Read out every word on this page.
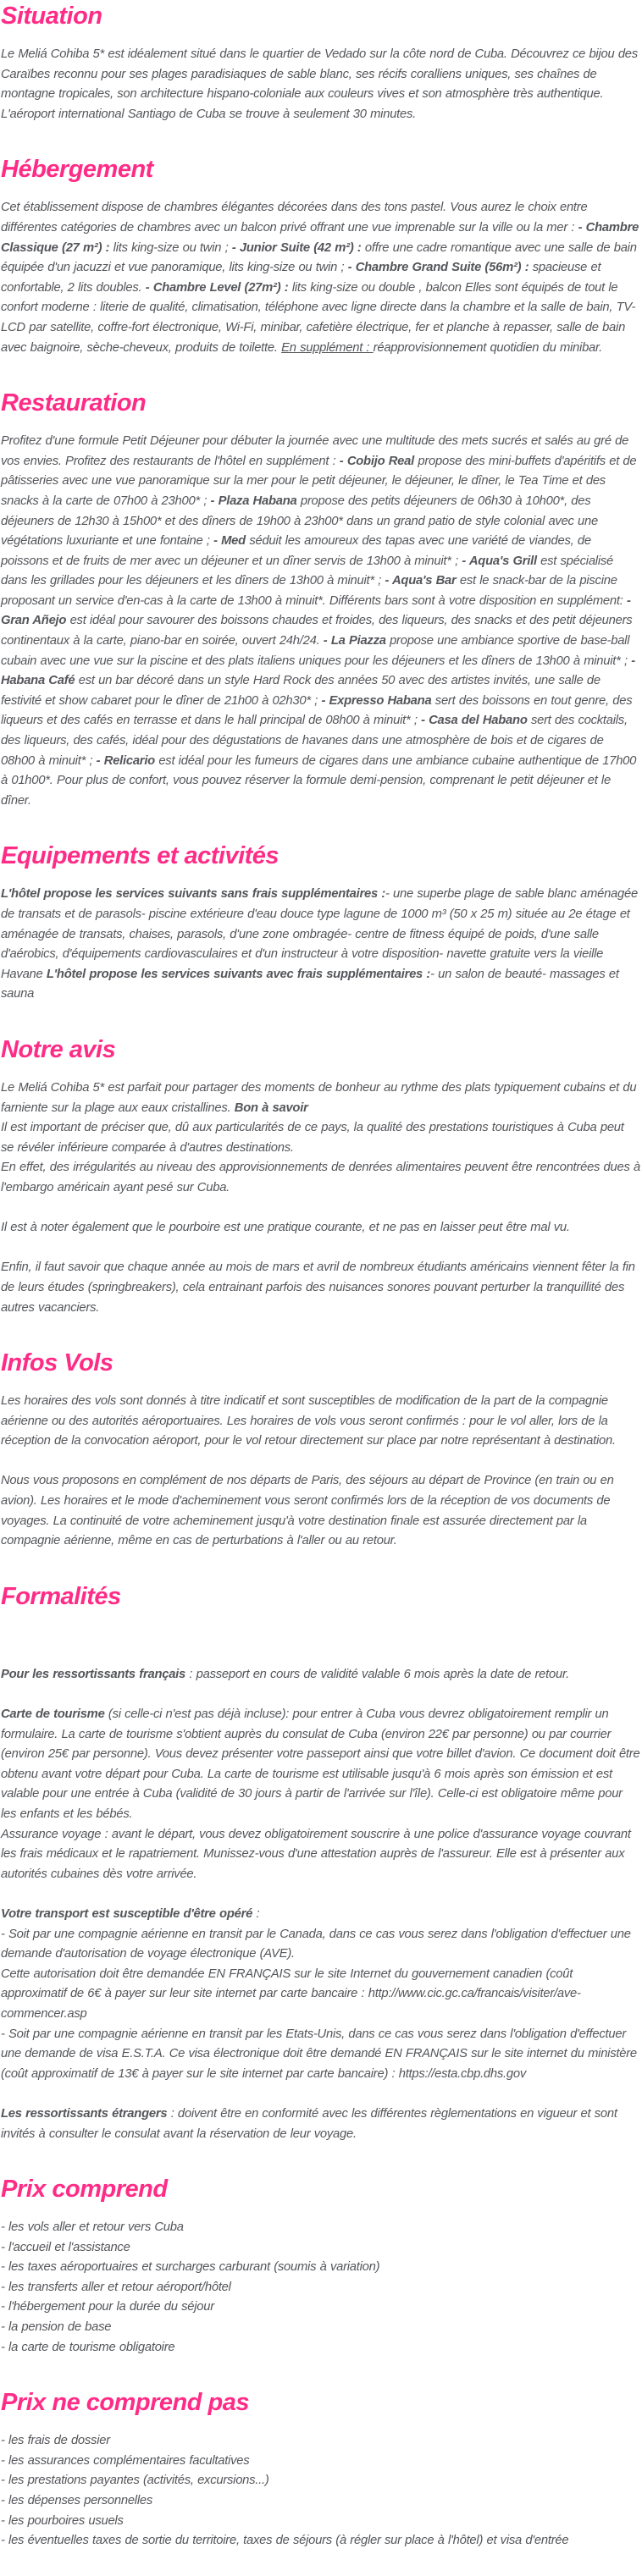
Situation

Le Meliá Cohiba 5* est idéalement situé dans le quartier de Vedado sur la côte nord de Cuba. Découvrez ce bijou des Caraïbes reconnu pour ses plages paradisiaques de sable blanc, ses récifs coralliens uniques, ses chaînes de montagne tropicales, son architecture hispano-coloniale aux couleurs vives et son atmosphère très authentique. L'aéroport international Santiago de Cuba se trouve à seulement 30 minutes.

Hébergement

Cet établissement dispose de chambres élégantes décorées dans des tons pastel. Vous aurez le choix entre différentes catégories de chambres avec un balcon privé offrant une vue imprenable sur la ville ou la mer : - Chambre Classique (27 m²) : lits king-size ou twin ; - Junior Suite (42 m²) : offre une cadre romantique avec une salle de bain équipée d'un jacuzzi et vue panoramique, lits king-size ou twin ; - Chambre Grand Suite (56m²) : spacieuse et confortable, 2 lits doubles. - Chambre Level (27m²) : lits king-size ou double , balcon Elles sont équipés de tout le confort moderne : literie de qualité, climatisation, téléphone avec ligne directe dans la chambre et la salle de bain, TV-LCD par satellite, coffre-fort électronique, Wi-Fi, minibar, cafetière électrique, fer et planche à repasser, salle de bain avec baignoire, sèche-cheveux, produits de toilette. En supplément : réapprovisionnement quotidien du minibar.

Restauration

Profitez d'une formule Petit Déjeuner pour débuter la journée avec une multitude des mets sucrés et salés au gré de vos envies. Profitez des restaurants de l'hôtel en supplément : - Cobijo Real propose des mini-buffets d'apéritifs et de pâtisseries avec une vue panoramique sur la mer pour le petit déjeuner, le déjeuner, le dîner, le Tea Time et des snacks à la carte de 07h00 à 23h00* ; - Plaza Habana propose des petits déjeuners de 06h30 à 10h00*, des déjeuners de 12h30 à 15h00* et des dîners de 19h00 à 23h00* dans un grand patio de style colonial avec une végétations luxuriante et une fontaine ; - Med séduit les amoureux des tapas avec une variété de viandes, de poissons et de fruits de mer avec un déjeuner et un dîner servis de 13h00 à minuit* ; - Aqua's Grill est spécialisé dans les grillades pour les déjeuners et les dîners de 13h00 à minuit* ; - Aqua's Bar est le snack-bar de la piscine proposant un service d'en-cas à la carte de 13h00 à minuit*. Différents bars sont à votre disposition en supplément: - Gran Añejo est idéal pour savourer des boissons chaudes et froides, des liqueurs, des snacks et des petit déjeuners continentaux à la carte, piano-bar en soirée, ouvert 24h/24. - La Piazza propose une ambiance sportive de base-ball cubain avec une vue sur la piscine et des plats italiens uniques pour les déjeuners et les dîners de 13h00 à minuit* ; - Habana Café est un bar décoré dans un style Hard Rock des années 50 avec des artistes invités, une salle de festivité et show cabaret pour le dîner de 21h00 à 02h30* ; - Expresso Habana sert des boissons en tout genre, des liqueurs et des cafés en terrasse et dans le hall principal de 08h00 à minuit* ; - Casa del Habano sert des cocktails, des liqueurs, des cafés, idéal pour des dégustations de havanes dans une atmosphère de bois et de cigares de 08h00 à minuit* ; - Relicario est idéal pour les fumeurs de cigares dans une ambiance cubaine authentique de 17h00 à 01h00*. Pour plus de confort, vous pouvez réserver la formule demi-pension, comprenant le petit déjeuner et le dîner.

Equipements et activités

L'hôtel propose les services suivants sans frais supplémentaires :- une superbe plage de sable blanc aménagée de transats et de parasols- piscine extérieure d'eau douce type lagune de 1000 m³ (50 x 25 m) située au 2e étage et aménagée de transats, chaises, parasols, d'une zone ombragée- centre de fitness équipé de poids, d'une salle d'aérobics, d'équipements cardiovasculaires et d'un instructeur à votre disposition- navette gratuite vers la vieille Havane L'hôtel propose les services suivants avec frais supplémentaires :- un salon de beauté- massages et sauna

Notre avis

Le Meliá Cohiba 5* est parfait pour partager des moments de bonheur au rythme des plats typiquement cubains et du farniente sur la plage aux eaux cristallines. Bon à savoir
Il est important de préciser que, dû aux particularités de ce pays, la qualité des prestations touristiques à Cuba peut se révéler inférieure comparée à d'autres destinations.
En effet, des irrégularités au niveau des approvisionnements de denrées alimentaires peuvent être rencontrées dues à l'embargo américain ayant pesé sur Cuba.

Il est à noter également que le pourboire est une pratique courante, et ne pas en laisser peut être mal vu.

Enfin, il faut savoir que chaque année au mois de mars et avril de nombreux étudiants américains viennent fêter la fin de leurs études (springbreakers), cela entrainant parfois des nuisances sonores pouvant perturber la tranquillité des autres vacanciers.

Infos Vols

Les horaires des vols sont donnés à titre indicatif et sont susceptibles de modification de la part de la compagnie aérienne ou des autorités aéroportuaires. Les horaires de vols vous seront confirmés : pour le vol aller, lors de la réception de la convocation aéroport, pour le vol retour directement sur place par notre représentant à destination.

Nous vous proposons en complément de nos départs de Paris, des séjours au départ de Province (en train ou en avion). Les horaires et le mode d'acheminement vous seront confirmés lors de la réception de vos documents de voyages. La continuité de votre acheminement jusqu'à votre destination finale est assurée directement par la compagnie aérienne, même en cas de perturbations à l'aller ou au retour.

Formalités

Pour les ressortissants français : passeport en cours de validité valable 6 mois après la date de retour.

Carte de tourisme (si celle-ci n'est pas déjà incluse): pour entrer à Cuba vous devrez obligatoirement remplir un formulaire. La carte de tourisme s'obtient auprès du consulat de Cuba (environ 22€ par personne) ou par courrier (environ 25€ par personne). Vous devez présenter votre passeport ainsi que votre billet d'avion. Ce document doit être obtenu avant votre départ pour Cuba. La carte de tourisme est utilisable jusqu'à 6 mois après son émission et est valable pour une entrée à Cuba (validité de 30 jours à partir de l'arrivée sur l'île). Celle-ci est obligatoire même pour les enfants et les bébés.
Assurance voyage : avant le départ, vous devez obligatoirement souscrire à une police d'assurance voyage couvrant les frais médicaux et le rapatriement. Munissez-vous d'une attestation auprès de l'assureur. Elle est à présenter aux autorités cubaines dès votre arrivée.

Votre transport est susceptible d'être opéré :
- Soit par une compagnie aérienne en transit par le Canada, dans ce cas vous serez dans l'obligation d'effectuer une demande d'autorisation de voyage électronique (AVE).
Cette autorisation doit être demandée EN FRANÇAIS sur le site Internet du gouvernement canadien (coût approximatif de 6€ à payer sur leur site internet par carte bancaire : http://www.cic.gc.ca/francais/visiter/ave-commencer.asp
- Soit par une compagnie aérienne en transit par les Etats-Unis, dans ce cas vous serez dans l'obligation d'effectuer une demande de visa E.S.T.A. Ce visa électronique doit être demandé EN FRANÇAIS sur le site internet du ministère (coût approximatif de 13€ à payer sur le site internet par carte bancaire) : https://esta.cbp.dhs.gov

Les ressortissants étrangers : doivent être en conformité avec les différentes règlementations en vigueur et sont invités à consulter le consulat avant la réservation de leur voyage.

Prix comprend

- les vols aller et retour vers Cuba
- l'accueil et l'assistance
- les taxes aéroportuaires et surcharges carburant (soumis à variation)
- les transferts aller et retour aéroport/hôtel
- l'hébergement pour la durée du séjour
- la pension de base
- la carte de tourisme obligatoire

Prix ne comprend pas

- les frais de dossier
- les assurances complémentaires facultatives
- les prestations payantes (activités, excursions...)
- les dépenses personnelles
- les pourboires usuels
- les éventuelles taxes de sortie du territoire, taxes de séjours (à régler sur place à l'hôtel) et visa d'entrée
